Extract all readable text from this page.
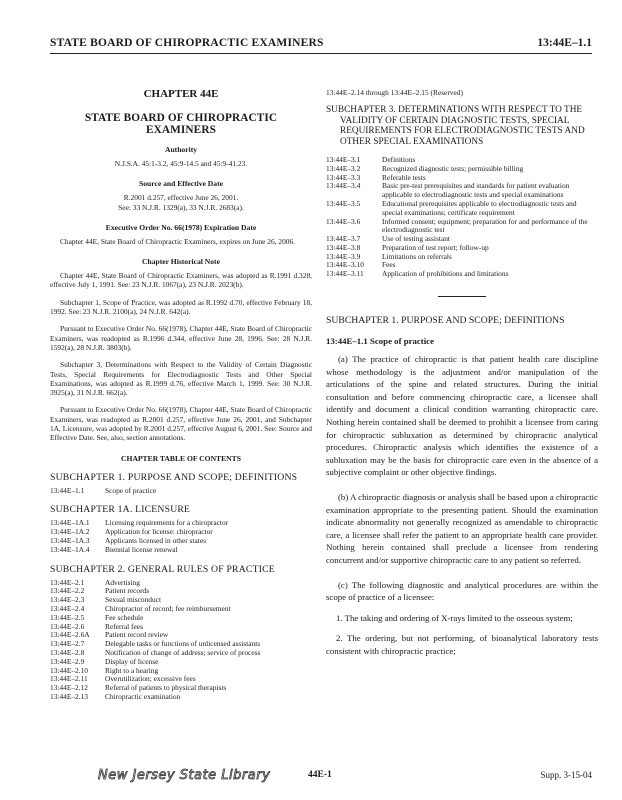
STATE BOARD OF CHIROPRACTIC EXAMINERS	13:44E–1.1
CHAPTER 44E
STATE BOARD OF CHIROPRACTIC EXAMINERS
Authority

N.J.S.A. 45:1-3.2, 45:9-14.5 and 45:9-41.23.

Source and Effective Date

R.2001 d.257, effective June 26, 2001.

See: 33 N.J.R. 1329(a), 33 N.J.R. 2683(a).

Executive Order No. 66(1978) Expiration Date

Chapter 44E, State Board of Chiropractic Examiners, expires on June 26, 2006.

Chapter Historical Note

Chapter 44E, State Board of Chiropractic Examiners, was adopted as R.1991 d.328, effective July 1, 1991. See: 23 N.J.R. 1067(a), 23 N.J.R. 2023(b).

Subchapter 1, Scope of Practice, was adopted as R.1992 d.70, effective February 18, 1992. See: 23 N.J.R. 2100(a), 24 N.J.R. 642(a).

Pursuant to Executive Order No. 66(1978), Chapter 44E, State Board of Chiropractic Examiners, was readopted as R.1996 d.344, effective June 28, 1996. See: 28 N.J.R. 1592(a), 28 N.J.R. 3803(b).

Subchapter 3, Determinations with Respect to the Validity of Certain Diagnostic Tests, Special Requirements for Electrodiagnostic Tests and Other Special Examinations, was adopted as R.1999 d.76, effective March 1, 1999. See: 30 N.J.R. 3925(a), 31 N.J.R. 662(a).

Pursuant to Executive Order No. 66(1978), Chapter 44E, State Board of Chiropractic Examiners, was readopted as R.2001 d.257, effective June 26, 2001, and Subchapter 1A, Licensure, was adopted by R.2001 d.257, effective August 6, 2001. See: Source and Effective Date. See, also, section annotations.

CHAPTER TABLE OF CONTENTS
SUBCHAPTER 1. PURPOSE AND SCOPE; DEFINITIONS
13:44E–1.1	Scope of practice
SUBCHAPTER 1A. LICENSURE
13:44E–1A.1	Licensing requirements for a chiropractor
13:44E–1A.2	Application for license: chiropractor
13:44E–1A.3	Applicants licensed in other states
13:44E–1A.4	Biennial license renewal
SUBCHAPTER 2. GENERAL RULES OF PRACTICE
13:44E–2.1	Advertising
13:44E–2.2	Patient records
13:44E–2.3	Sexual misconduct
13:44E–2.4	Chiropractor of record; fee reimbursement
13:44E–2.5	Fee schedule
13:44E–2.6	Referral fees
13:44E–2.6A	Patient record review
13:44E–2.7	Delegable tasks or functions of unlicensed assistants
13:44E–2.8	Notification of change of address; service of process
13:44E–2.9	Display of license
13:44E–2.10	Right to a hearing
13:44E–2.11	Overutilization; excessive fees
13:44E–2.12	Referral of patients to physical therapists
13:44E–2.13	Chiropractic examination

13:44E–2.14 through 13:44E–2.15 (Reserved)

SUBCHAPTER 3. DETERMINATIONS WITH RESPECT TO THE VALIDITY OF CERTAIN DIAGNOSTIC TESTS, SPECIAL REQUIREMENTS FOR ELECTRODIAGNOSTIC TESTS AND OTHER SPECIAL EXAMINATIONS
13:44E–3.1	Definitions
13:44E–3.2	Recognized diagnostic tests; permissible billing
13:44E–3.3	Referable tests
13:44E–3.4	Basic pre-test prerequisites and standards for patient evaluation applicable to electrodiagnostic tests and special examinations
13:44E–3.5	Educational prerequisites applicable to electrodiagnostic tests and special examinations; certificate requirement
13:44E–3.6	Informed consent; equipment; preparation for and performance of the electrodiagnostic test
13:44E–3.7	Use of testing assistant
13:44E–3.8	Preparation of test report; follow-up
13:44E–3.9	Limitations on referrals
13:44E–3.10	Fees
13:44E–3.11	Application of prohibitions and limitations
SUBCHAPTER 1. PURPOSE AND SCOPE; DEFINITIONS
13:44E–1.1 Scope of practice

(a) The practice of chiropractic is that patient health care discipline whose methodology is the adjustment and/or manipulation of the articulations of the spine and related structures. During the initial consultation and before commencing chiropractic care, a licensee shall identify and document a clinical condition warranting chiropractic care. Nothing herein contained shall be deemed to prohibit a licensee from caring for chiropractic subluxation as determined by chiropractic analytical procedures. Chiropractic analysis which identifies the existence of a subluxation may be the basis for chiropractic care even in the absence of a subjective complaint or other objective findings.

(b) A chiropractic diagnosis or analysis shall be based upon a chiropractic examination appropriate to the presenting patient. Should the examination indicate abnormality not generally recognized as amendable to chiropractic care, a licensee shall refer the patient to an appropriate health care provider. Nothing herein contained shall preclude a licensee from rendering concurrent and/or supportive chiropractic care to any patient so referred.

(c) The following diagnostic and analytical procedures are within the scope of practice of a licensee:

1. The taking and ordering of X-rays limited to the osseous system;

2. The ordering, but not performing, of bioanalytical laboratory tests consistent with chiropractic practice;

New Jersey State Library	44E-1	Supp. 3-15-04
